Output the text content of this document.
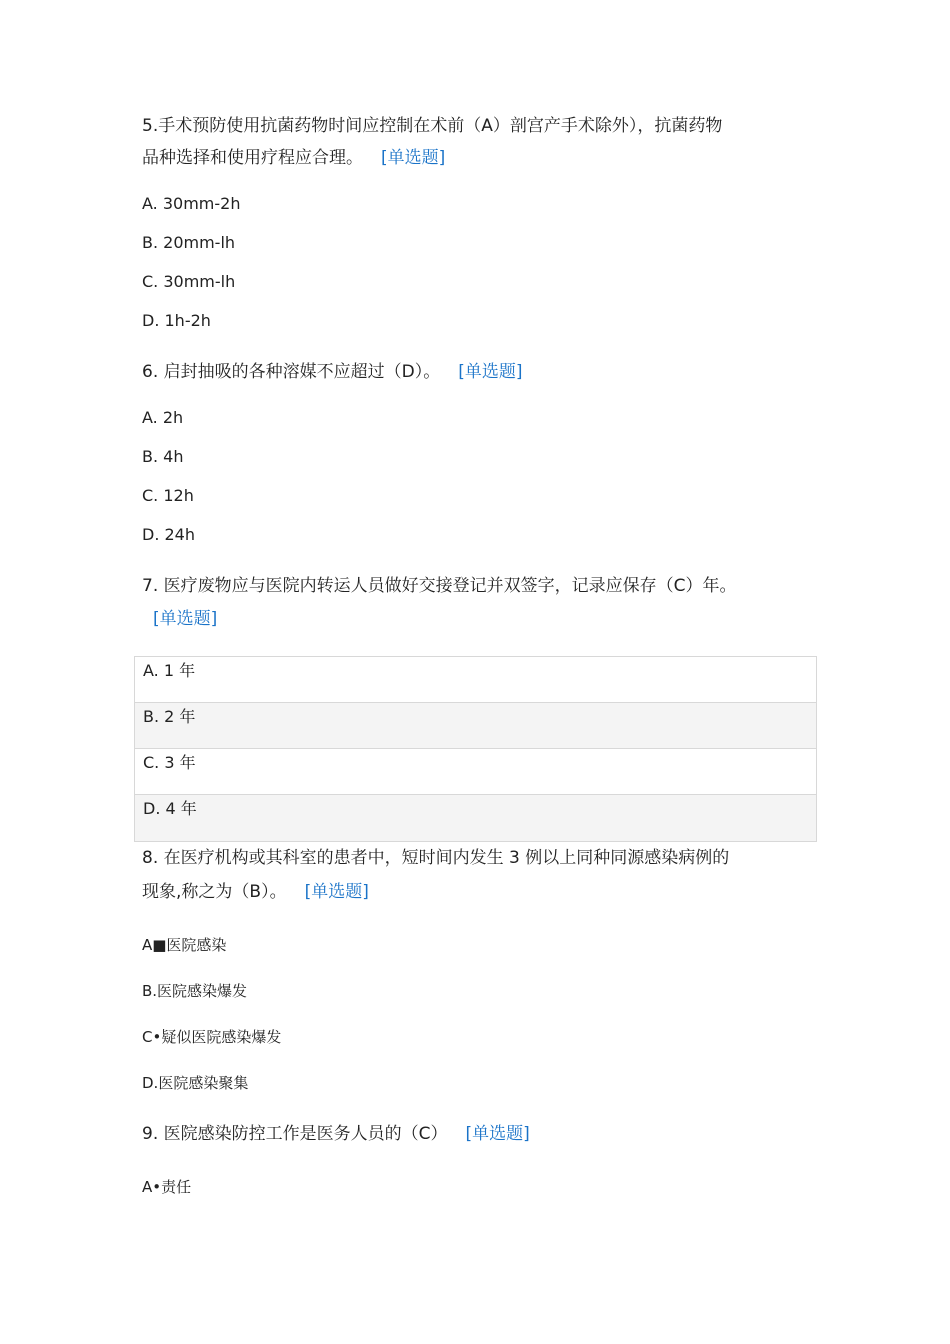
5.手术预防使用抗菌药物时间应控制在术前（A）剖宫产手术除外），抗菌药物

品种选择和使用疗程应合理。 [单选题]

A. 30mm-2h

B. 20mm-lh

C. 30mm-lh

D. 1h-2h

6. 启封抽吸的各种溶媒不应超过（D）。 [单选题]

A. 2h

B. 4h

C. 12h

D. 24h

7. 医疗废物应与医院内转运人员做好交接登记并双签字，记录应保存（C）年。

[单选题]

A. 1 年
B. 2 年
C. 3 年
D. 4 年

8. 在医疗机构或其科室的患者中，短时间内发生 3 例以上同种同源感染病例的

现象,称之为（B）。 [单选题]

A■医院感染

B.医院感染爆发

C•疑似医院感染爆发

D.医院感染聚集

9. 医院感染防控工作是医务人员的（C） [单选题]

A•责任
